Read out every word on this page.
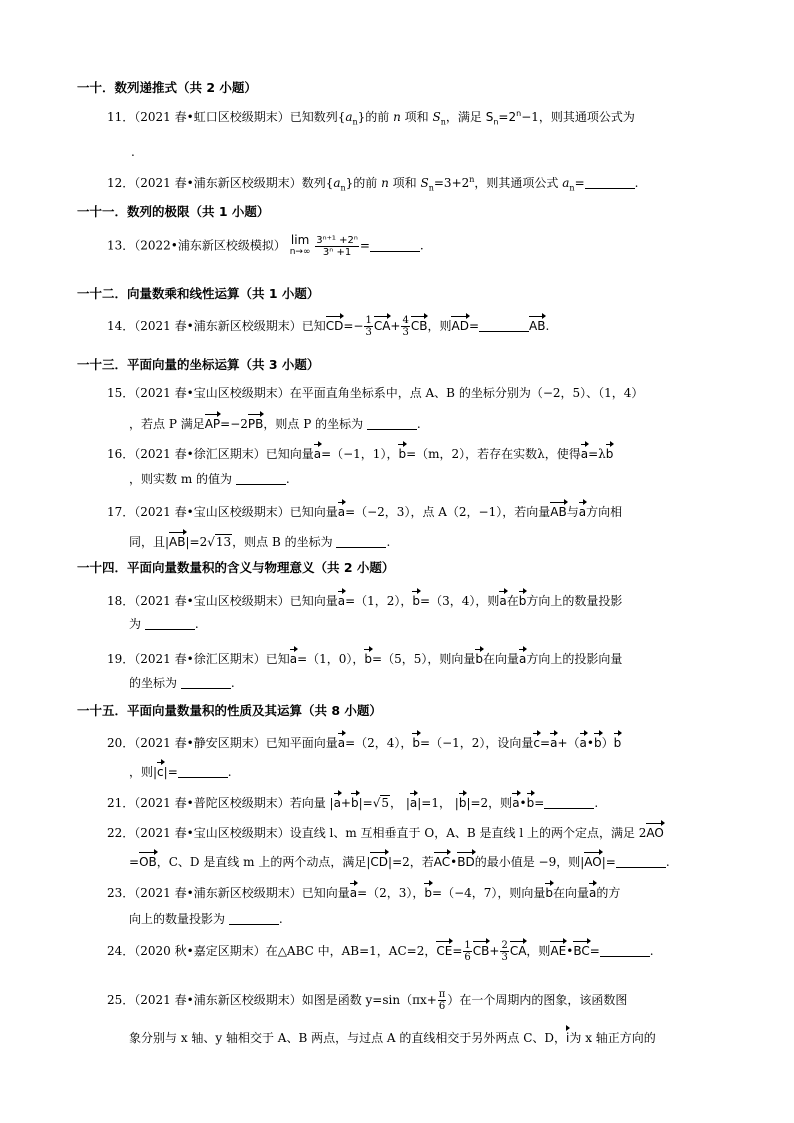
一十．数列递推式（共 2 小题）
11．（2021 春•虹口区校级期末）已知数列$\{a_n\}$的前 n 项和 $S_n$，满足 $S_n=2^n-1$，则其通项公式为
.
12．（2021 春•浦东新区校级期末）数列$\{a_n\}$的前 n 项和 $S_n=3+2^n$，则其通项公式 $a_n=$	.
一十一．数列的极限（共 1 小题）
13．（2022•浦东新区校级模拟） lim
n→∞
$\frac{\text{3ⁿ⁺¹ +2ⁿ}}{\text{3ⁿ +1}}$ =	.
一十二．向量数乘和线性运算（共 1 小题）
14．（2021 春•浦东新区校级期末）已知$CD=- \frac{1}{3} CA+ \frac{4}{3}$ CB，则AD=	AB.
一十三．平面向量的坐标运算（共 3 小题）
15．（2021 春•宝山区校级期末）在平面直角坐标系中，点 A、B 的坐标分别为（−2，5）、（1，4）
，若点 P 满足AP=−2PB，则点 P 的坐标为	.
16．（2021 春•徐汇区期末）已知向量a=（−1，1），b=（m，2），若存在实数λ，使得a=λb
，则实数 m 的值为	.
17．（2021 春•宝山区校级期末）已知向量a=（−2，3），点 A（2，−1），若向量AB与a方向相
同，且|AB|=2√13，则点 B 的坐标为	.
一十四．平面向量数量积的含义与物理意义（共 2 小题）
18．（2021 春•宝山区校级期末）已知向量a=（1，2），b=（3，4），则a在b方向上的数量投影
为	.
19．（2021 春•徐汇区期末）已知a=（1，0），b=（5，5），则向量b在向量a方向上的投影向量
的坐标为	.
一十五．平面向量数量积的性质及其运算（共 8 小题）
20．（2021 春•静安区期末）已知平面向量a=（2，4），b=（−1，2），设向量c=a+（a•b）b
，则|c|=	.
21．（2021 春•普陀区校级期末）若向量 |a+b|=√5， |a|=1， |b|=2，则a•b=	.
22．（2021 春•宝山区校级期末）设直线 l、m 互相垂直于 O，A、B 是直线 l 上的两个定点，满足 2AO
=OB，C、D 是直线 m 上的两个动点，满足|CD|=2，若AC•BD的最小值是 −9，则|AO|=	.
23．（2021 春•浦东新区校级期末）已知向量a=（2，3），b=（−4，7），则向量b在向量a的方
向上的数量投影为	.
24．（2020 秋•嘉定区期末）在△ABC 中，AB=1，AC=2，$CE= \frac{1}{6} CB+ \frac{2}{3}$ CA，则AE•BC=	.
25．（2021 春•浦东新区校级期末）如图是函数 $y=\sin(\pi x+ \frac{\pi}{6}$ ）在一个周期内的图象，该函数图
象分别与 x 轴、y 轴相交于 A、B 两点，与过点 A 的直线相交于另外两点 C、D，i为 x 轴正方向的
